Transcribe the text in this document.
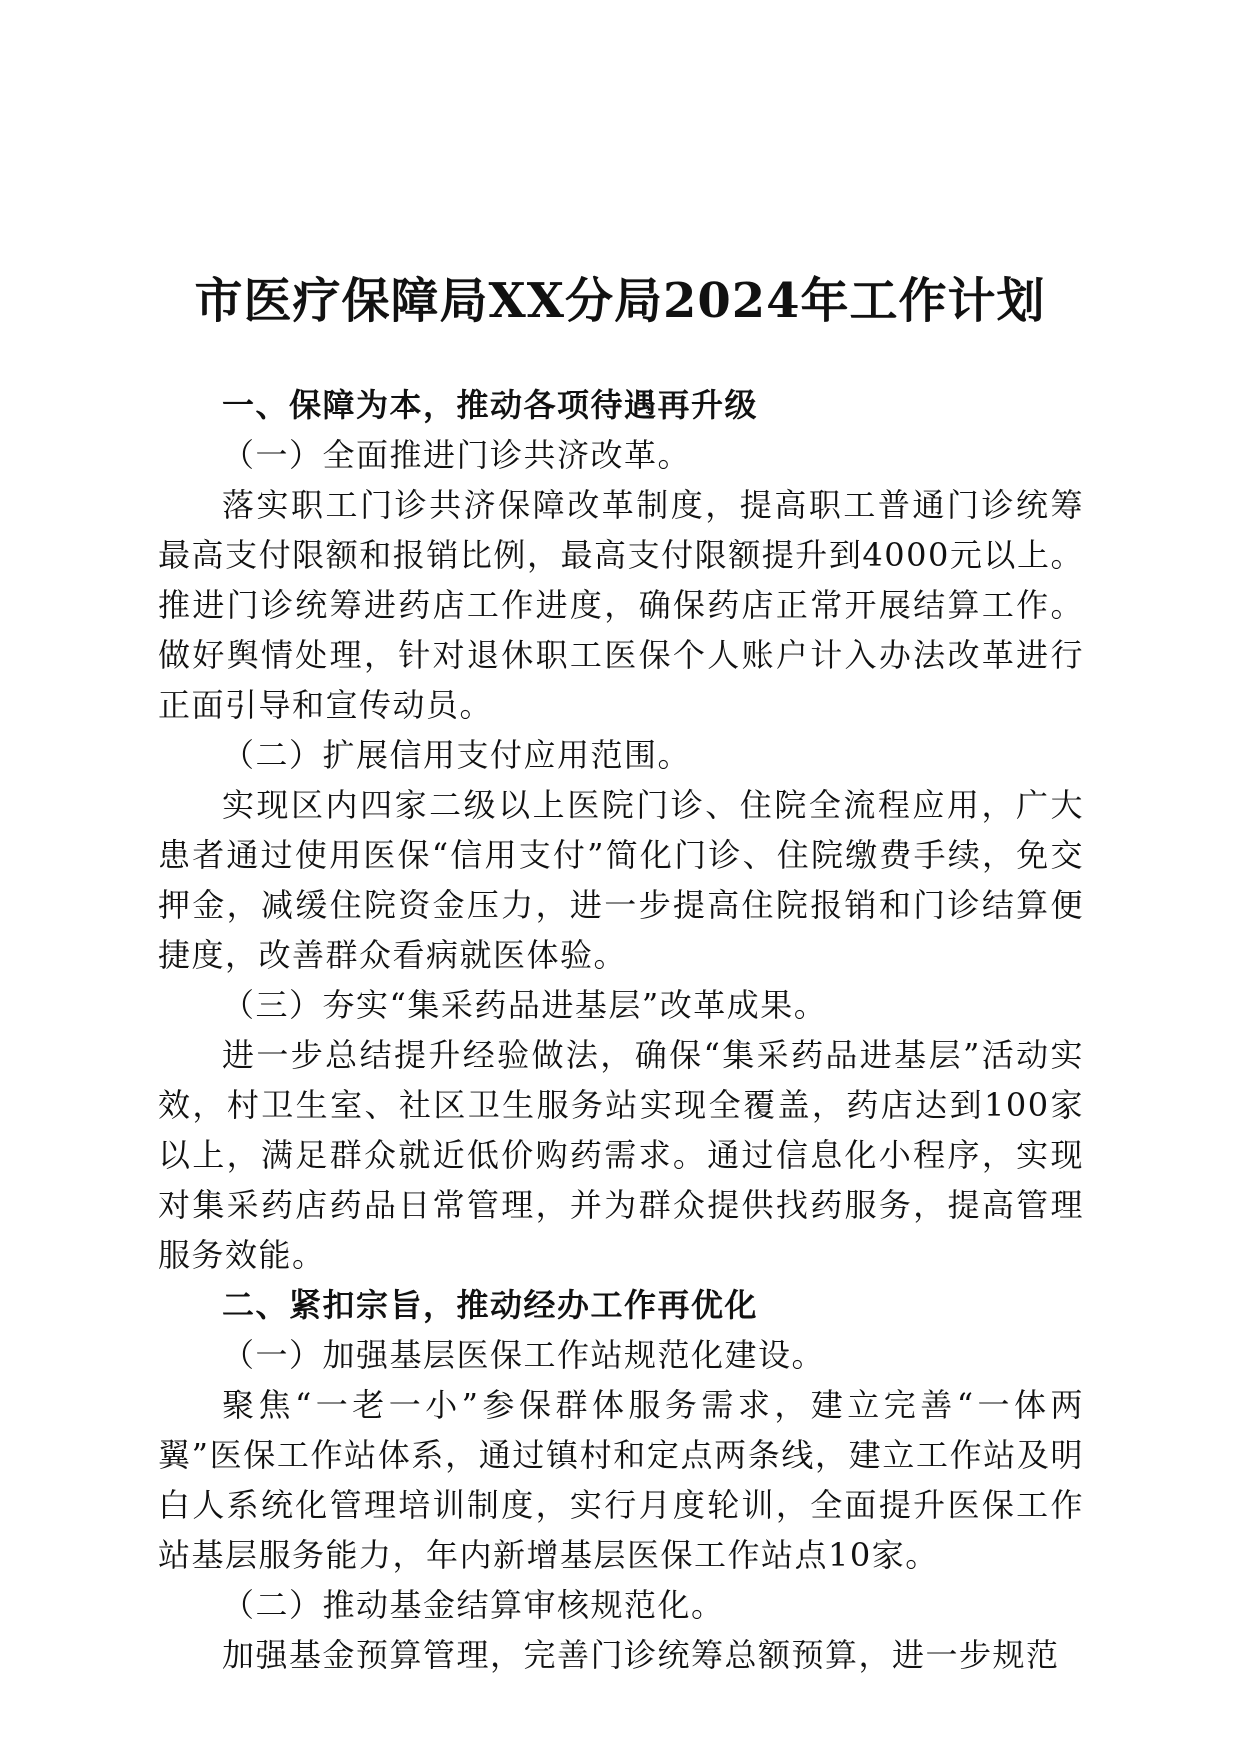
市医疗保障局XX分局2024年工作计划

一、保障为本，推动各项待遇再升级

（一）全面推进门诊共济改革。

落实职工门诊共济保障改革制度，提高职工普通门诊统筹最高支付限额和报销比例，最高支付限额提升到4000元以上。推进门诊统筹进药店工作进度，确保药店正常开展结算工作。做好舆情处理，针对退休职工医保个人账户计入办法改革进行正面引导和宣传动员。

（二）扩展信用支付应用范围。

实现区内四家二级以上医院门诊、住院全流程应用，广大患者通过使用医保“信用支付”简化门诊、住院缴费手续，免交押金，减缓住院资金压力，进一步提高住院报销和门诊结算便捷度，改善群众看病就医体验。

（三）夯实“集采药品进基层”改革成果。

进一步总结提升经验做法，确保“集采药品进基层”活动实效，村卫生室、社区卫生服务站实现全覆盖，药店达到100家以上，满足群众就近低价购药需求。通过信息化小程序，实现对集采药店药品日常管理，并为群众提供找药服务，提高管理服务效能。

二、紧扣宗旨，推动经办工作再优化

（一）加强基层医保工作站规范化建设。

聚焦“一老一小”参保群体服务需求，建立完善“一体两翼”医保工作站体系，通过镇村和定点两条线，建立工作站及明白人系统化管理培训制度，实行月度轮训，全面提升医保工作站基层服务能力，年内新增基层医保工作站点10家。

（二）推动基金结算审核规范化。

加强基金预算管理，完善门诊统筹总额预算，进一步规范
